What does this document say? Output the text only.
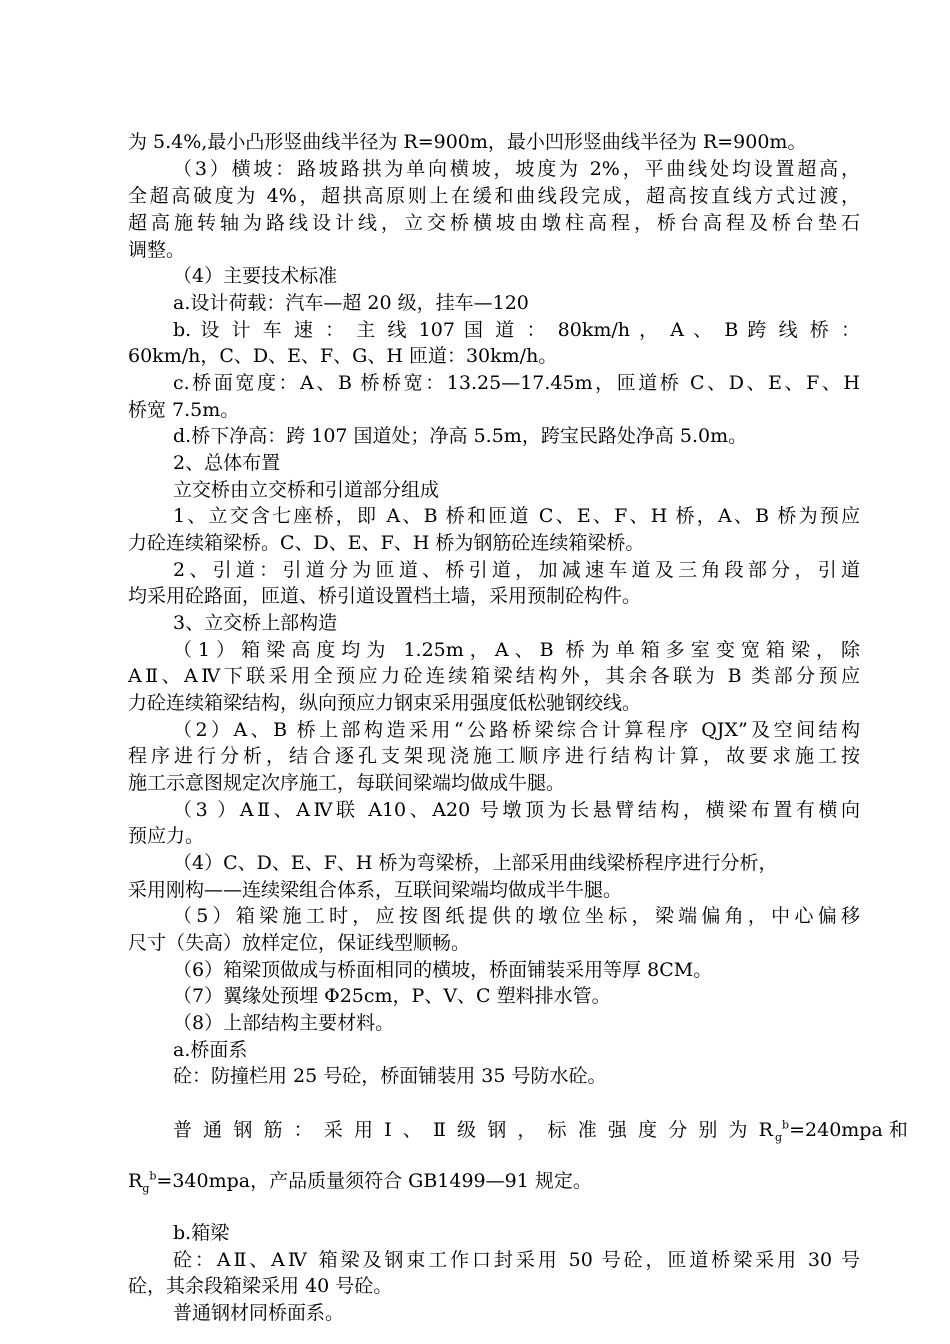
为 5.4%,最小凸形竖曲线半径为 R=900m，最小凹形竖曲线半径为 R=900m。
（3）横坡：路坡路拱为单向横坡，坡度为 2%，平曲线处均设置超高，
全超高破度为 4%，超拱高原则上在缓和曲线段完成，超高按直线方式过渡，
超高施转轴为路线设计线，立交桥横坡由墩柱高程，桥台高程及桥台垫石
调整。
（4）主要技术标准
a.设计荷载：汽车—超 20 级，挂车—120
b. 设 计 车 速 ： 主 线 107 国 道 ： 80km/h ， A 、 B 跨 线 桥 ：
60km/h，C、D、E、F、G、H 匝道：30km/h。
c.桥面宽度：A、B 桥桥宽：13.25—17.45m，匝道桥 C、D、E、F、H
桥宽 7.5m。
d.桥下净高：跨 107 国道处；净高 5.5m，跨宝民路处净高 5.0m。
2、总体布置
立交桥由立交桥和引道部分组成
1、立交含七座桥，即 A、B 桥和匝道 C、E、F、H 桥，A、B 桥为预应
力砼连续箱梁桥。C、D、E、F、H 桥为钢筋砼连续箱梁桥。
2、引道：引道分为匝道、桥引道，加减速车道及三角段部分，引道
均采用砼路面，匝道、桥引道设置档土墙，采用预制砼构件。
3、立交桥上部构造
（1）箱梁高度均为 1.25m，A、B 桥为单箱多室变宽箱梁，除
AⅡ、AⅣ下联采用全预应力砼连续箱梁结构外，其余各联为 B 类部分预应
力砼连续箱梁结构，纵向预应力钢束采用强度低松驰钢绞线。
（2）A、B 桥上部构造采用“公路桥梁综合计算程序 QJX”及空间结构
程序进行分析，结合逐孔支架现浇施工顺序进行结构计算，故要求施工按
施工示意图规定次序施工，每联间梁端均做成牛腿。
（3 ）AⅡ、AⅣ联 A10、A20 号墩顶为长悬臂结构，横梁布置有横向
预应力。
（4）C、D、E、F、H 桥为弯梁桥，上部采用曲线梁桥程序进行分析，
采用刚构——连续梁组合体系，互联间梁端均做成半牛腿。
（5）箱梁施工时，应按图纸提供的墩位坐标，梁端偏角，中心偏移
尺寸（失高）放样定位，保证线型顺畅。
（6）箱梁顶做成与桥面相同的横坡，桥面铺装采用等厚 8CM。
（7）翼缘处预埋 Φ25cm，P、V、C 塑料排水管。
（8）上部结构主要材料。
a.桥面系
砼：防撞栏用 25 号砼，桥面铺装用 35 号防水砼。
普 通 钢 筋 ： 采 用 Ⅰ 、 Ⅱ 级 钢 ， 标 准 强 度 分 别 为 R $_g^b$=240mpa 和
$R_g^b=340mpa$，产品质量须符合 GB1499—91 规定。
b.箱梁
砼：AⅡ、AⅣ 箱梁及钢束工作口封采用 50 号砼，匝道桥梁采用 30 号
砼，其余段箱梁采用 40 号砼。
普通钢材同桥面系。
